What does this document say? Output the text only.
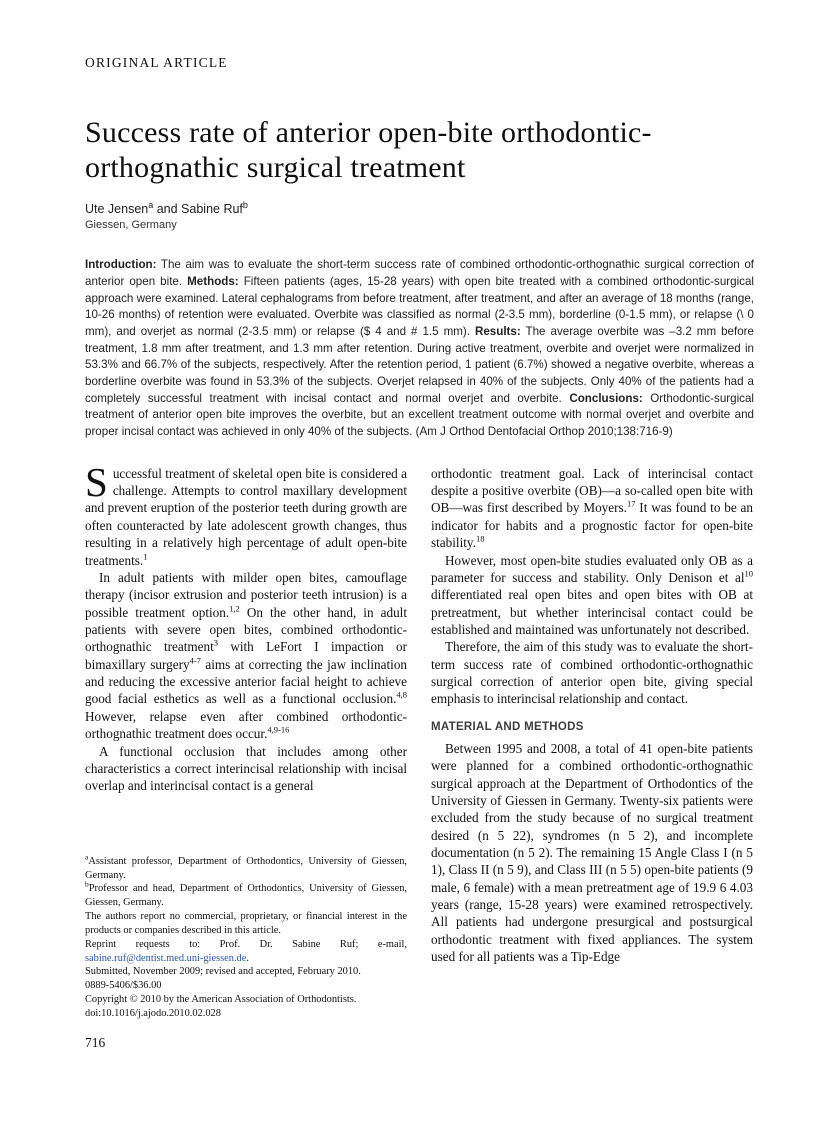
ORIGINAL ARTICLE
Success rate of anterior open-bite orthodontic-orthognathic surgical treatment
Ute Jensen$^a$ and Sabine Ruf$^b$
Giessen, Germany

Introduction: The aim was to evaluate the short-term success rate of combined orthodontic-orthognathic surgical correction of anterior open bite. Methods: Fifteen patients (ages, 15-28 years) with open bite treated with a combined orthodontic-surgical approach were examined. Lateral cephalograms from before treatment, after treatment, and after an average of 18 months (range, 10-26 months) of retention were evaluated. Overbite was classified as normal (2-3.5 mm), borderline (0-1.5 mm), or relapse (\ 0 mm), and overjet as normal (2-3.5 mm) or relapse ($ 4 and # 1.5 mm). Results: The average overbite was –3.2 mm before treatment, 1.8 mm after treatment, and 1.3 mm after retention. During active treatment, overbite and overjet were normalized in 53.3% and 66.7% of the subjects, respectively. After the retention period, 1 patient (6.7%) showed a negative overbite, whereas a borderline overbite was found in 53.3% of the subjects. Overjet relapsed in 40% of the subjects. Only 40% of the patients had a completely successful treatment with incisal contact and normal overjet and overbite. Conclusions: Orthodontic-surgical treatment of anterior open bite improves the overbite, but an excellent treatment outcome with normal overjet and overbite and proper incisal contact was achieved in only 40% of the subjects. (Am J Orthod Dentofacial Orthop 2010;138:716-9)

Successful treatment of skeletal open bite is considered a challenge. Attempts to control maxillary development and prevent eruption of the posterior teeth during growth are often counteracted by late adolescent growth changes, thus resulting in a relatively high percentage of adult open-bite treatments.$^1$

In adult patients with milder open bites, camouflage therapy (incisor extrusion and posterior teeth intrusion) is a possible treatment option.$^{1,2}$ On the other hand, in adult patients with severe open bites, combined orthodontic-orthognathic treatment$^3$ with LeFort I impaction or bimaxillary surgery$^{4-7}$ aims at correcting the jaw inclination and reducing the excessive anterior facial height to achieve good facial esthetics as well as a functional occlusion.$^{4,8}$ However, relapse even after combined orthodontic-orthognathic treatment does occur.$^{4,9-16}$

A functional occlusion that includes among other characteristics a correct interincisal relationship with incisal overlap and interincisal contact is a general

$^a$Assistant professor, Department of Orthodontics, University of Giessen, Germany.

$^b$Professor and head, Department of Orthodontics, University of Giessen, Giessen, Germany.

The authors report no commercial, proprietary, or financial interest in the products or companies described in this article.

Reprint requests to: Prof. Dr. Sabine Ruf; e-mail, sabine.ruf@dentist.med.uni-giessen.de.

Submitted, November 2009; revised and accepted, February 2010.

0889-5406/$36.00

Copyright © 2010 by the American Association of Orthodontists.

doi:10.1016/j.ajodo.2010.02.028

orthodontic treatment goal. Lack of interincisal contact despite a positive overbite (OB)—a so-called open bite with OB—was first described by Moyers.$^{17}$ It was found to be an indicator for habits and a prognostic factor for open-bite stability.$^{18}$

However, most open-bite studies evaluated only OB as a parameter for success and stability. Only Denison et $al^{10}$ differentiated real open bites and open bites with OB at pretreatment, but whether interincisal contact could be established and maintained was unfortunately not described.

Therefore, the aim of this study was to evaluate the short-term success rate of combined orthodontic-orthognathic surgical correction of anterior open bite, giving special emphasis to interincisal relationship and contact.

MATERIAL AND METHODS

Between 1995 and 2008, a total of 41 open-bite patients were planned for a combined orthodontic-orthognathic surgical approach at the Department of Orthodontics of the University of Giessen in Germany. Twenty-six patients were excluded from the study because of no surgical treatment desired (n 5 22), syndromes (n 5 2), and incomplete documentation (n 5 2). The remaining 15 Angle Class I (n 5 1), Class II (n 5 9), and Class III (n 5 5) open-bite patients (9 male, 6 female) with a mean pretreatment age of 19.9 6 4.03 years (range, 15-28 years) were examined retrospectively. All patients had undergone presurgical and postsurgical orthodontic treatment with fixed appliances. The system used for all patients was a Tip-Edge

716
